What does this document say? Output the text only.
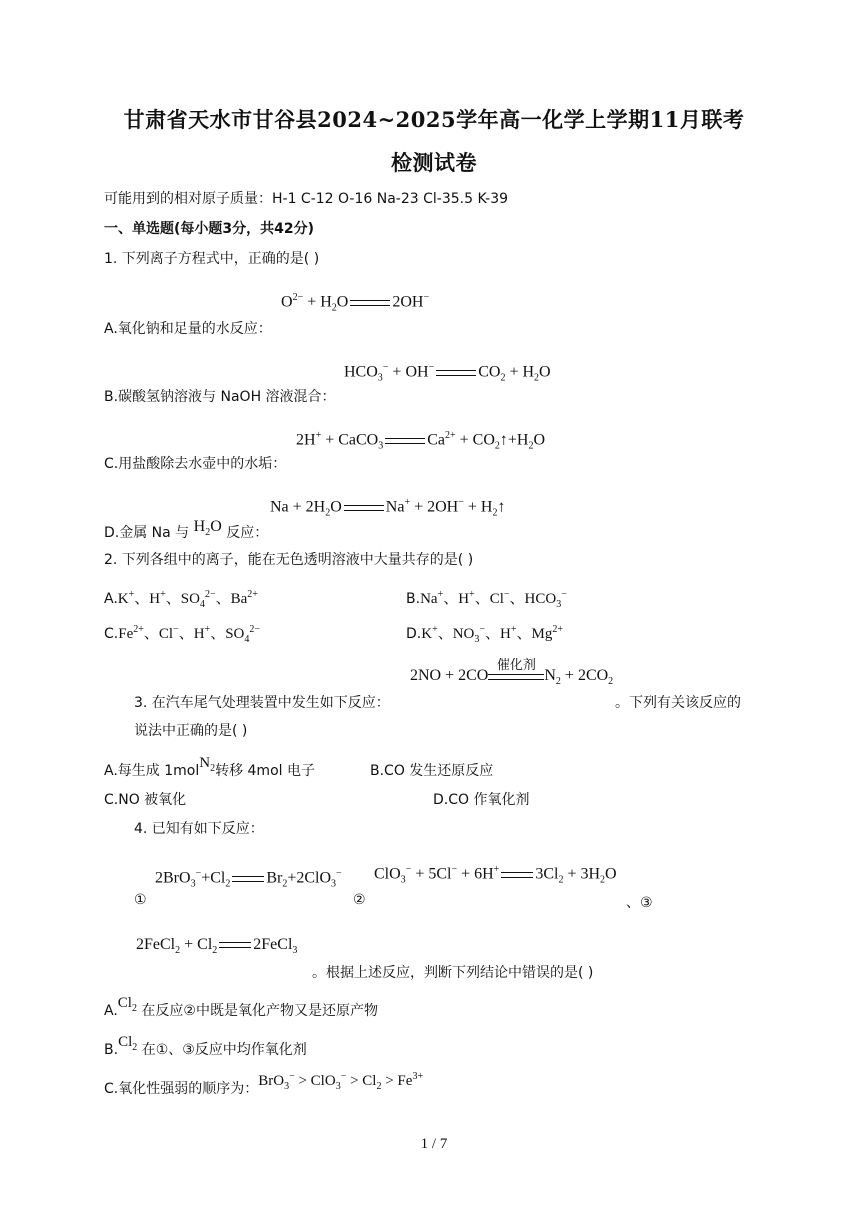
甘肃省天水市甘谷县2024~2025学年高一化学上学期11月联考
检测试卷
可能用到的相对原子质量：H-1 C-12 O-16 Na-23 Cl-35.5 K-39
一、单选题(每小题3分，共42分)
1. 下列离子方程式中，正确的是( )
$O^{2-} + H_2O$	2OH−
A.氧化钠和足量的水反应：
$HCO_3^- + OH^-$	$CO_2 + H_2O$
B.碳酸氢钠溶液与 NaOH 溶液混合：
2H+ + CaCO$_3$	$Ca^{2+}$ + $CO_2↑+H_2O$
C.用盐酸除去水壶中的水垢：
$Na + 2H_2O$	$Na^+ + 2OH^- + H_2↑$
D.金属 Na 与 $H_2O$ 反应：
2. 下列各组中的离子，能在无色透明溶液中大量共存的是( )
A.K+、H+、$SO_4^{2-}$、$Ba^{2+}$	B.Na+、H+、Cl−、$HCO_3^-$
$C.Fe^{2+}$、Cl−、H+、$SO_4^{2-}$	D.K+、$NO_3^-$、H+、$Mg^{2+}$
2NO + 2CO
催化剂
$N_2 + 2CO_2$
3. 在汽车尾气处理装置中发生如下反应：	。下列有关该反应的
说法中正确的是( )
A.每生成 1molN$_2$转移 4mol 电子	B.CO 发生还原反应
C.NO 被氧化	D.CO 作氧化剂
4. 已知有如下反应：
$2BrO_3^-+Cl_2$ $Br_2+2ClO_3^-$
①
ClO$_3$− + 5Cl− + 6H+ $3Cl_2 + 3H_2O$
②	、③
2FeCl$_2$ + $Cl_2$ 2FeCl$_3$
。根据上述反应，判断下列结论中错误的是( )
$A.Cl_2$ 在反应②中既是氧化产物又是还原产物
$B.Cl_2$ 在①、③反应中均作氧化剂
C.氧化性强弱的顺序为：$BrO_3^- > ClO_3^- > Cl_2 > Fe^{3+}$
1 / 7
